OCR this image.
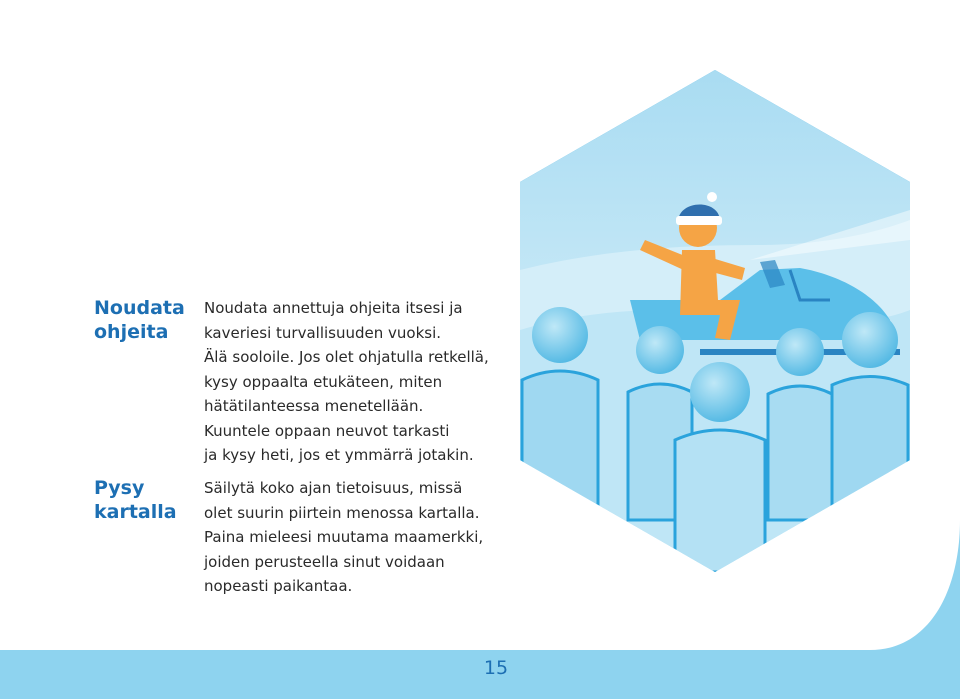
Noudata
ohjeita

Noudata annettuja ohjeita itsesi ja

kaveriesi turvallisuuden vuoksi.

Älä sooloile. Jos olet ohjatulla retkellä,

kysy oppaalta etukäteen, miten

hätätilanteessa menetellään.

Kuuntele oppaan neuvot tarkasti

ja kysy heti, jos et ymmärrä jotakin.

Pysy
kartalla

Säilytä koko ajan tietoisuus, missä

olet suurin piirtein menossa kartalla.

Paina mieleesi muutama maamerkki,

joiden perusteella sinut voidaan

nopeasti paikantaa.

15
